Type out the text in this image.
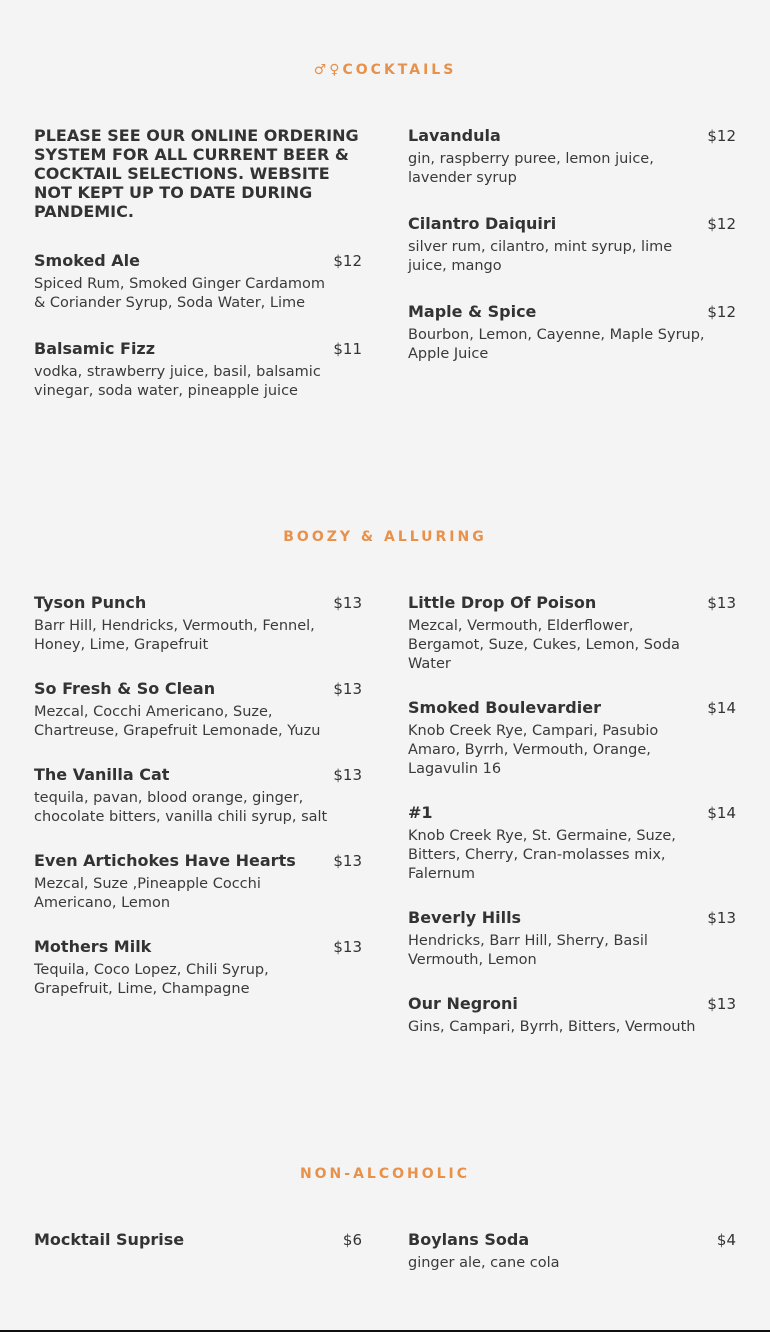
♂♀COCKTAILS
PLEASE SEE OUR ONLINE ORDERING SYSTEM FOR ALL CURRENT BEER & COCKTAIL SELECTIONS. WEBSITE NOT KEPT UP TO DATE DURING PANDEMIC.
Smoked Ale	$12
Spiced Rum, Smoked Ginger Cardamom & Coriander Syrup, Soda Water, Lime
Balsamic Fizz	$11
vodka, strawberry juice, basil, balsamic vinegar, soda water, pineapple juice
Lavandula	$12
gin, raspberry puree, lemon juice, lavender syrup
Cilantro Daiquiri	$12
silver rum, cilantro, mint syrup, lime juice, mango
Maple & Spice	$12
Bourbon, Lemon, Cayenne, Maple Syrup, Apple Juice
BOOZY & ALLURING
Tyson Punch	$13
Barr Hill, Hendricks, Vermouth, Fennel, Honey, Lime, Grapefruit
So Fresh & So Clean	$13
Mezcal, Cocchi Americano, Suze, Chartreuse, Grapefruit Lemonade, Yuzu
The Vanilla Cat	$13
tequila, pavan, blood orange, ginger, chocolate bitters, vanilla chili syrup, salt
Even Artichokes Have Hearts	$13
Mezcal, Suze ,Pineapple Cocchi Americano, Lemon
Mothers Milk	$13
Tequila, Coco Lopez, Chili Syrup, Grapefruit, Lime, Champagne
Little Drop Of Poison	$13
Mezcal, Vermouth, Elderflower, Bergamot, Suze, Cukes, Lemon, Soda Water
Smoked Boulevardier	$14
Knob Creek Rye, Campari, Pasubio Amaro, Byrrh, Vermouth, Orange, Lagavulin 16
#1	$14
Knob Creek Rye, St. Germaine, Suze, Bitters, Cherry, Cran-molasses mix, Falernum
Beverly Hills	$13
Hendricks, Barr Hill, Sherry, Basil Vermouth, Lemon
Our Negroni	$13
Gins, Campari, Byrrh, Bitters, Vermouth
NON-ALCOHOLIC
Mocktail Suprise	$6	Boylans Soda	$4
ginger ale, cane cola
